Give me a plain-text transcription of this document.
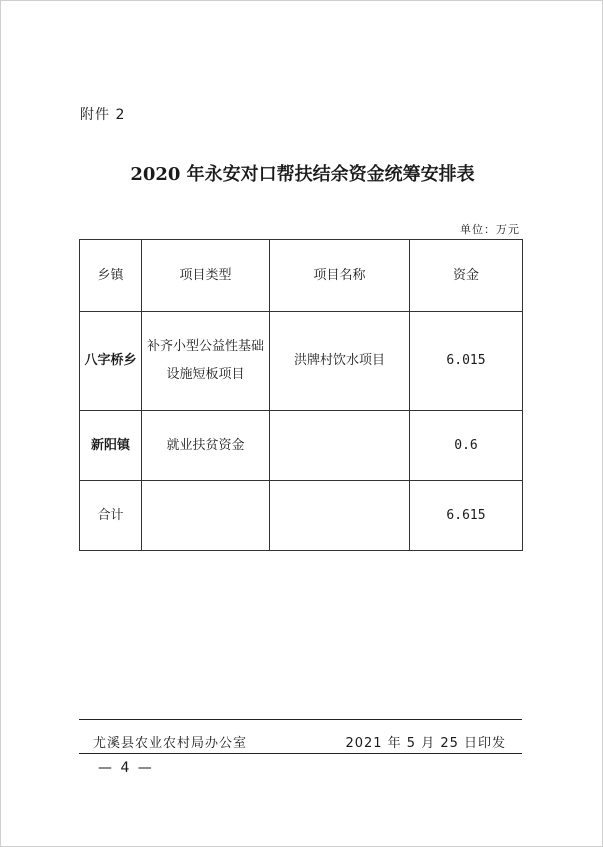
附件 2
2020 年永安对口帮扶结余资金统筹安排表
单位：万元
乡镇	项目类型	项目名称	资金
八字桥乡	补齐小型公益性基础设施短板项目	洪牌村饮水项目	6.015
新阳镇	就业扶贫资金		0.6
合计			6.615
尤溪县农业农村局办公室	2021 年 5 月 25 日印发
— 4 —
